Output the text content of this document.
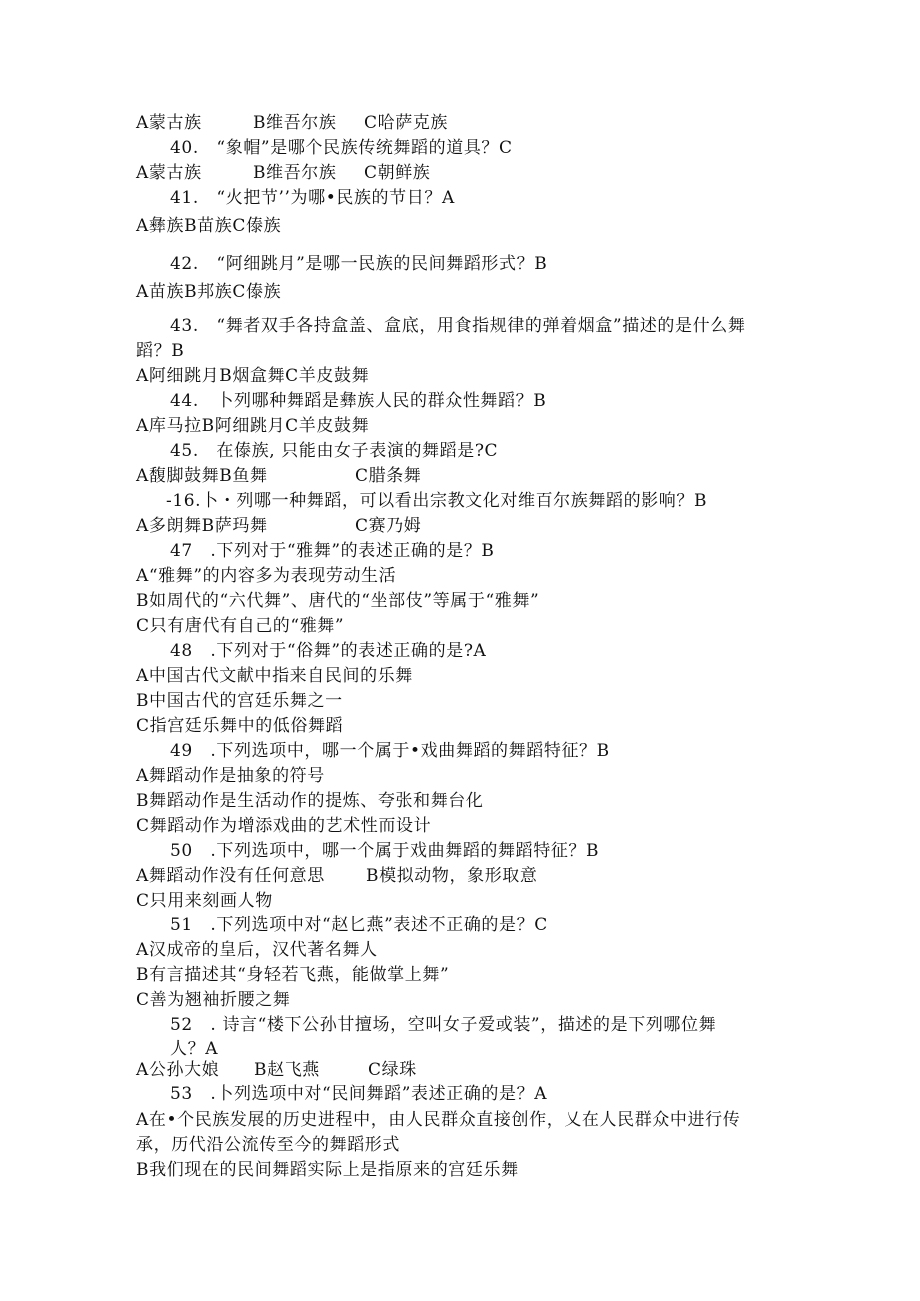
A蒙古族	B维吾尔族 C哈萨克族
40.　“象帽”是哪个民族传统舞蹈的道具？C
A蒙古族	B维吾尔族 C朝鲜族
41.　“火把节’’为哪•民族的节日？A
A彝族B苗族C傣族
42.　“阿细跳月”是哪一民族的民间舞蹈形式？B
A苗族B邦族C傣族
43.　“舞者双手各持盒盖、盒底，用食指规律的弹着烟盒”描述的是什么舞
蹈？B
A阿细跳月B烟盒舞C羊皮鼓舞
44.　卜列哪种舞蹈是彝族人民的群众性舞蹈？B
A库马拉B阿细跳月C羊皮鼓舞
45.　在傣族, 只能由女子表演的舞蹈是?C
A馥脚鼓舞B鱼舞	C腊条舞
-16.卜・列哪一种舞蹈，可以看出宗教文化对维百尔族舞蹈的影响？B
A多朗舞B萨玛舞	C赛乃姆
47　.下列对于“雅舞”的表述正确的是？B
A“雅舞”的内容多为表现劳动生活
B如周代的“六代舞”、唐代的“坐部伎”等属于“雅舞”
C只有唐代有自己的“雅舞”
48　.下列对于“俗舞”的表述正确的是?A
A中国古代文献中指来自民间的乐舞
B中国古代的宫廷乐舞之一
C指宫廷乐舞中的低俗舞蹈
49　.下列选项中，哪一个属于•戏曲舞蹈的舞蹈特征？B
A舞蹈动作是抽象的符号
B舞蹈动作是生活动作的提炼、夸张和舞台化
C舞蹈动作为增添戏曲的艺术性而设计
50　.下列选项中，哪一个属于戏曲舞蹈的舞蹈特征？B
A舞蹈动作没有任何意思 B模拟动物，象形取意
C只用来刻画人物
51　.下列选项中对“赵匕燕”表述不正确的是？C
A汉成帝的皇后，汉代著名舞人
B有言描述其“身轻若飞燕，能做掌上舞”
C善为翘袖折腰之舞
52　. 诗言“楼下公孙甘擅场，空叫女子爱或装”，描述的是下列哪位舞
人？A
A公孙大娘 B赵飞燕	C绿珠
53　.卜列选项中对“民间舞蹈”表述正确的是？A
A在•个民族发展的历史进程中，由人民群众直接创作，乂在人民群众中进行传
承，历代沿公流传至今的舞蹈形式
B我们现在的民间舞蹈实际上是指原来的宫廷乐舞
